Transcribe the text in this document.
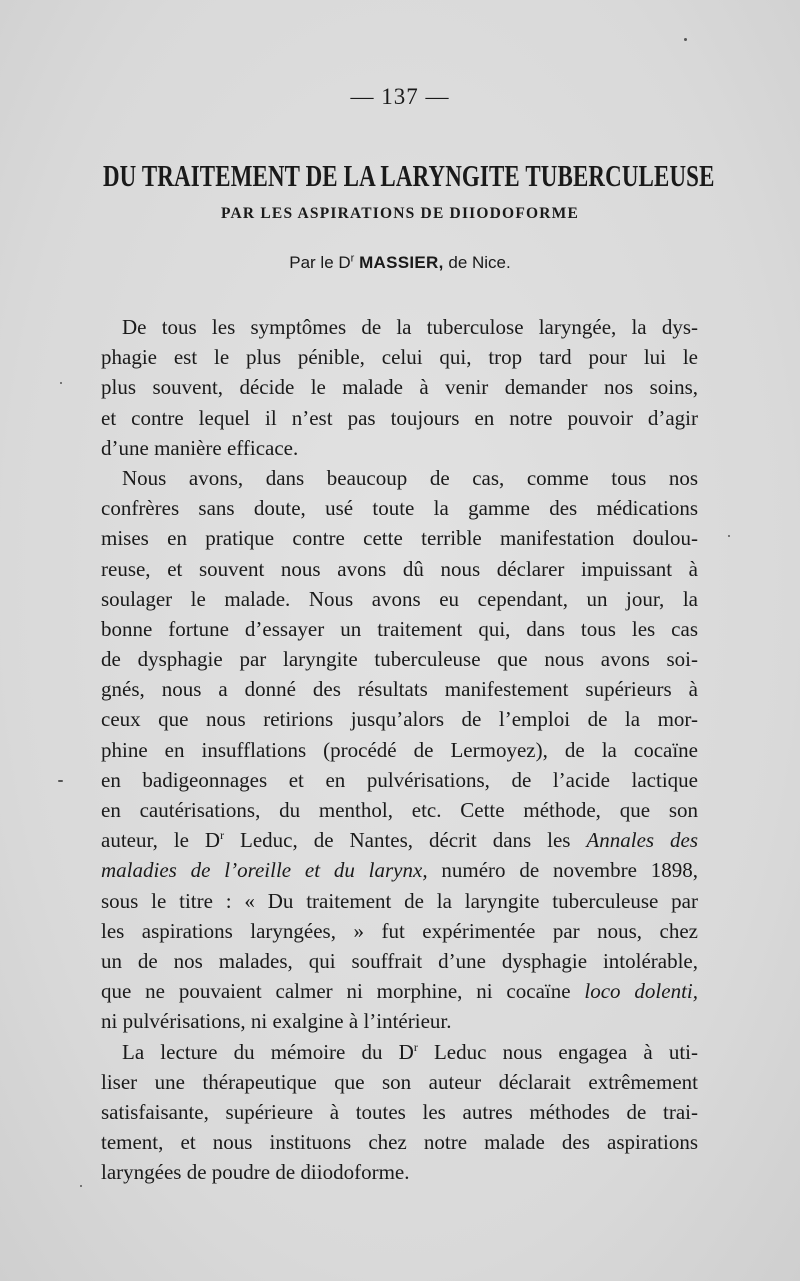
— 137 —
DU TRAITEMENT DE LA LARYNGITE TUBERCULEUSE
PAR LES ASPIRATIONS DE DIIODOFORME
Par le $D^r$ MASSIER, de Nice.
De tous les symptômes de la tuberculose laryngée, la dys-
phagie est le plus pénible, celui qui, trop tard pour lui le
plus souvent, décide le malade à venir demander nos soins,
et contre lequel il n’est pas toujours en notre pouvoir d’agir
d’une manière efficace.
Nous avons, dans beaucoup de cas, comme tous nos
confrères sans doute, usé toute la gamme des médications
mises en pratique contre cette terrible manifestation doulou-
reuse, et souvent nous avons dû nous déclarer impuissant à
soulager le malade. Nous avons eu cependant, un jour, la
bonne fortune d’essayer un traitement qui, dans tous les cas
de dysphagie par laryngite tuberculeuse que nous avons soi-
gnés, nous a donné des résultats manifestement supérieurs à
ceux que nous retirions jusqu’alors de l’emploi de la mor-
phine en insufflations (procédé de Lermoyez), de la cocaïne
en badigeonnages et en pulvérisations, de l’acide lactique
en cautérisations, du menthol, etc. Cette méthode, que son
auteur, le $D^r$ Leduc, de Nantes, décrit dans les Annales des
maladies de l’oreille et du larynx, numéro de novembre 1898,
sous le titre : « Du traitement de la laryngite tuberculeuse par
les aspirations laryngées, » fut expérimentée par nous, chez
un de nos malades, qui souffrait d’une dysphagie intolérable,
que ne pouvaient calmer ni morphine, ni cocaïne loco dolenti,
ni pulvérisations, ni exalgine à l’intérieur.
La lecture du mémoire du $D^r$ Leduc nous engagea à uti-
liser une thérapeutique que son auteur déclarait extrêmement
satisfaisante, supérieure à toutes les autres méthodes de trai-
tement, et nous instituons chez notre malade des aspirations
laryngées de poudre de diiodoforme.
